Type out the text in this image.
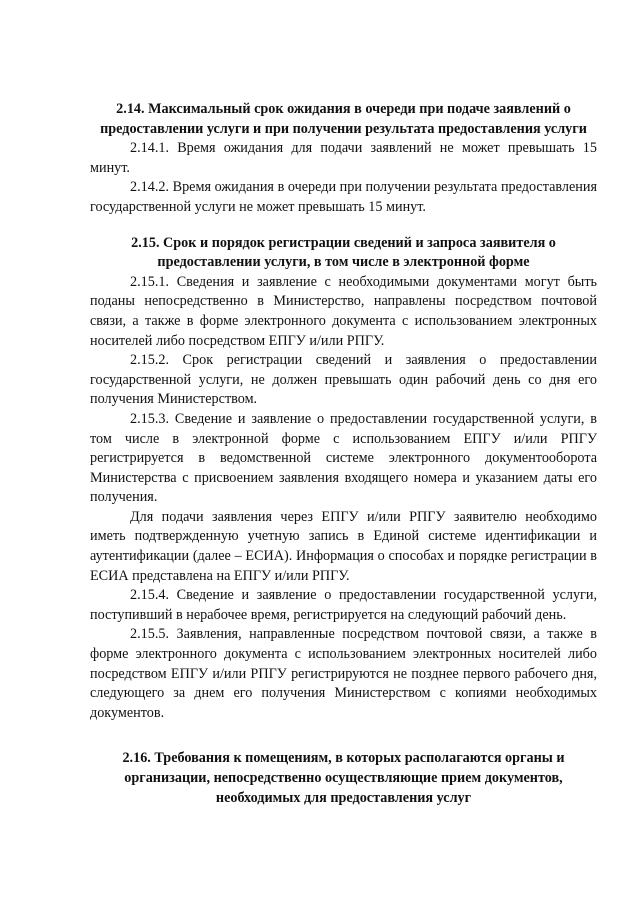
2.14. Максимальный срок ожидания в очереди при подаче заявлений о предоставлении услуги и при получении результата предоставления услуги

2.14.1. Время ожидания для подачи заявлений не может превышать 15 минут.

2.14.2. Время ожидания в очереди при получении результата предоставления государственной услуги не может превышать 15 минут.

2.15. Срок и порядок регистрации сведений и запроса заявителя о предоставлении услуги, в том числе в электронной форме

2.15.1. Сведения и заявление с необходимыми документами могут быть поданы непосредственно в Министерство, направлены посредством почтовой связи, а также в форме электронного документа с использованием электронных носителей либо посредством ЕПГУ и/или РПГУ.

2.15.2. Срок регистрации сведений и заявления о предоставлении государственной услуги, не должен превышать один рабочий день со дня его получения Министерством.

2.15.3. Сведение и заявление о предоставлении государственной услуги, в том числе в электронной форме с использованием ЕПГУ и/или РПГУ регистрируется в ведомственной системе электронного документооборота Министерства с присвоением заявления входящего номера и указанием даты его получения.

Для подачи заявления через ЕПГУ и/или РПГУ заявителю необходимо иметь подтвержденную учетную запись в Единой системе идентификации и аутентификации (далее – ЕСИА). Информация о способах и порядке регистрации в ЕСИА представлена на ЕПГУ и/или РПГУ.

2.15.4. Сведение и заявление о предоставлении государственной услуги, поступивший в нерабочее время, регистрируется на следующий рабочий день.

2.15.5. Заявления, направленные посредством почтовой связи, а также в форме электронного документа с использованием электронных носителей либо посредством ЕПГУ и/или РПГУ регистрируются не позднее первого рабочего дня, следующего за днем его получения Министерством с копиями необходимых документов.

2.16. Требования к помещениям, в которых располагаются органы и организации, непосредственно осуществляющие прием документов, необходимых для предоставления услуг
